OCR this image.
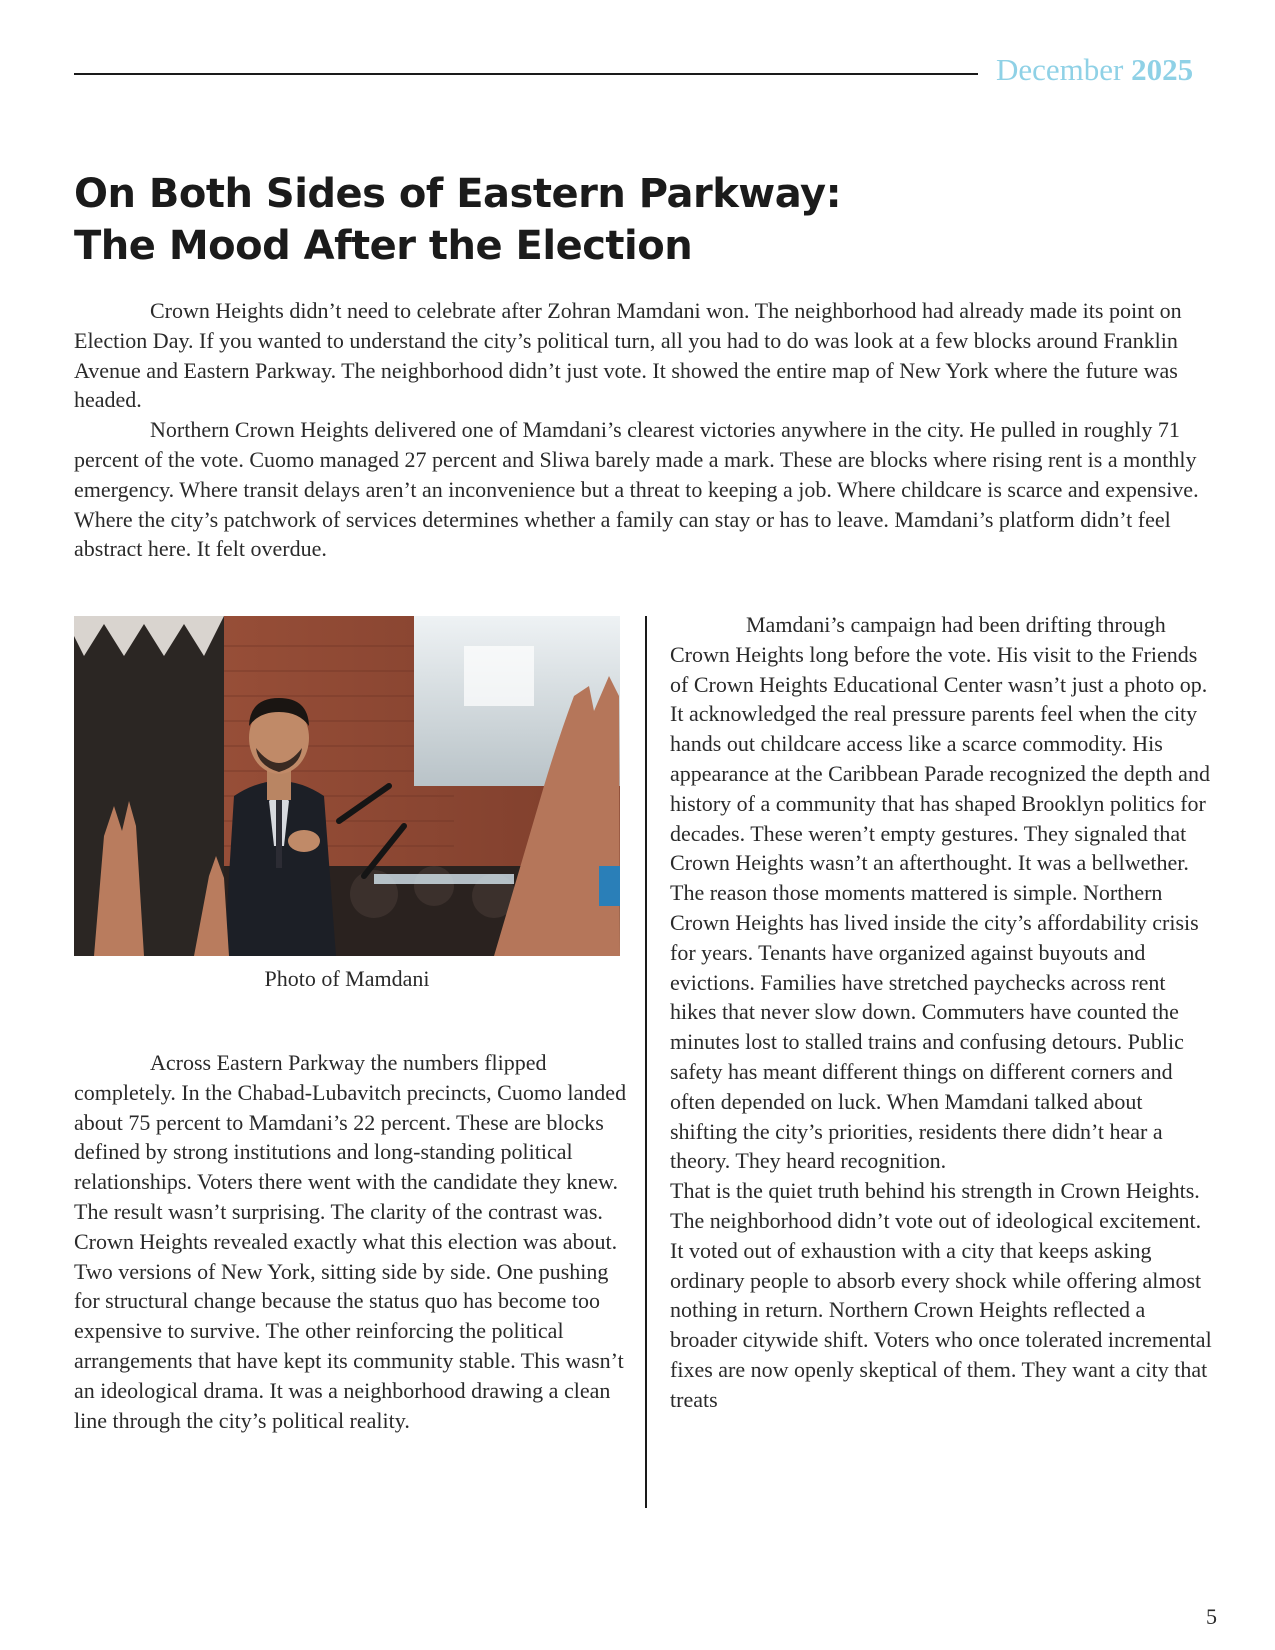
December 2025
On Both Sides of Eastern Parkway:
The Mood After the Election

Crown Heights didn’t need to celebrate after Zohran Mamdani won. The neighborhood had already made its point on Election Day. If you wanted to understand the city’s political turn, all you had to do was look at a few blocks around Franklin Avenue and Eastern Parkway. The neighborhood didn’t just vote. It showed the entire map of New York where the future was headed.

Northern Crown Heights delivered one of Mamdani’s clearest victories anywhere in the city. He pulled in roughly 71 percent of the vote. Cuomo managed 27 percent and Sliwa barely made a mark. These are blocks where rising rent is a monthly emergency. Where transit delays aren’t an inconvenience but a threat to keeping a job. Where childcare is scarce and expensive. Where the city’s patchwork of services determines whether a family can stay or has to leave. Mamdani’s platform didn’t feel abstract here. It felt overdue.

Photo of Mamdani

Across Eastern Parkway the numbers flipped completely. In the Chabad-Lubavitch precincts, Cuomo landed about 75 percent to Mamdani’s 22 percent. These are blocks defined by strong institutions and long-standing political relationships. Voters there went with the candidate they knew. The result wasn’t surprising. The clarity of the contrast was.

Crown Heights revealed exactly what this election was about. Two versions of New York, sitting side by side. One pushing for structural change because the status quo has become too expensive to survive. The other reinforcing the political arrangements that have kept its community stable. This wasn’t an ideological drama. It was a neighborhood drawing a clean line through the city’s political reality.

Mamdani’s campaign had been drifting through Crown Heights long before the vote. His visit to the Friends of Crown Heights Educational Center wasn’t just a photo op. It acknowledged the real pressure parents feel when the city hands out childcare access like a scarce commodity. His appearance at the Caribbean Parade recognized the depth and history of a community that has shaped Brooklyn politics for decades. These weren’t empty gestures. They signaled that Crown Heights wasn’t an afterthought. It was a bellwether.

The reason those moments mattered is simple. Northern Crown Heights has lived inside the city’s affordability crisis for years. Tenants have organized against buyouts and evictions. Families have stretched paychecks across rent hikes that never slow down. Commuters have counted the minutes lost to stalled trains and confusing detours. Public safety has meant different things on different corners and often depended on luck. When Mamdani talked about shifting the city’s priorities, residents there didn’t hear a theory. They heard recognition.

That is the quiet truth behind his strength in Crown Heights. The neighborhood didn’t vote out of ideological excitement. It voted out of exhaustion with a city that keeps asking ordinary people to absorb every shock while offering almost nothing in return. Northern Crown Heights reflected a broader citywide shift. Voters who once tolerated incremental fixes are now openly skeptical of them. They want a city that treats

5
